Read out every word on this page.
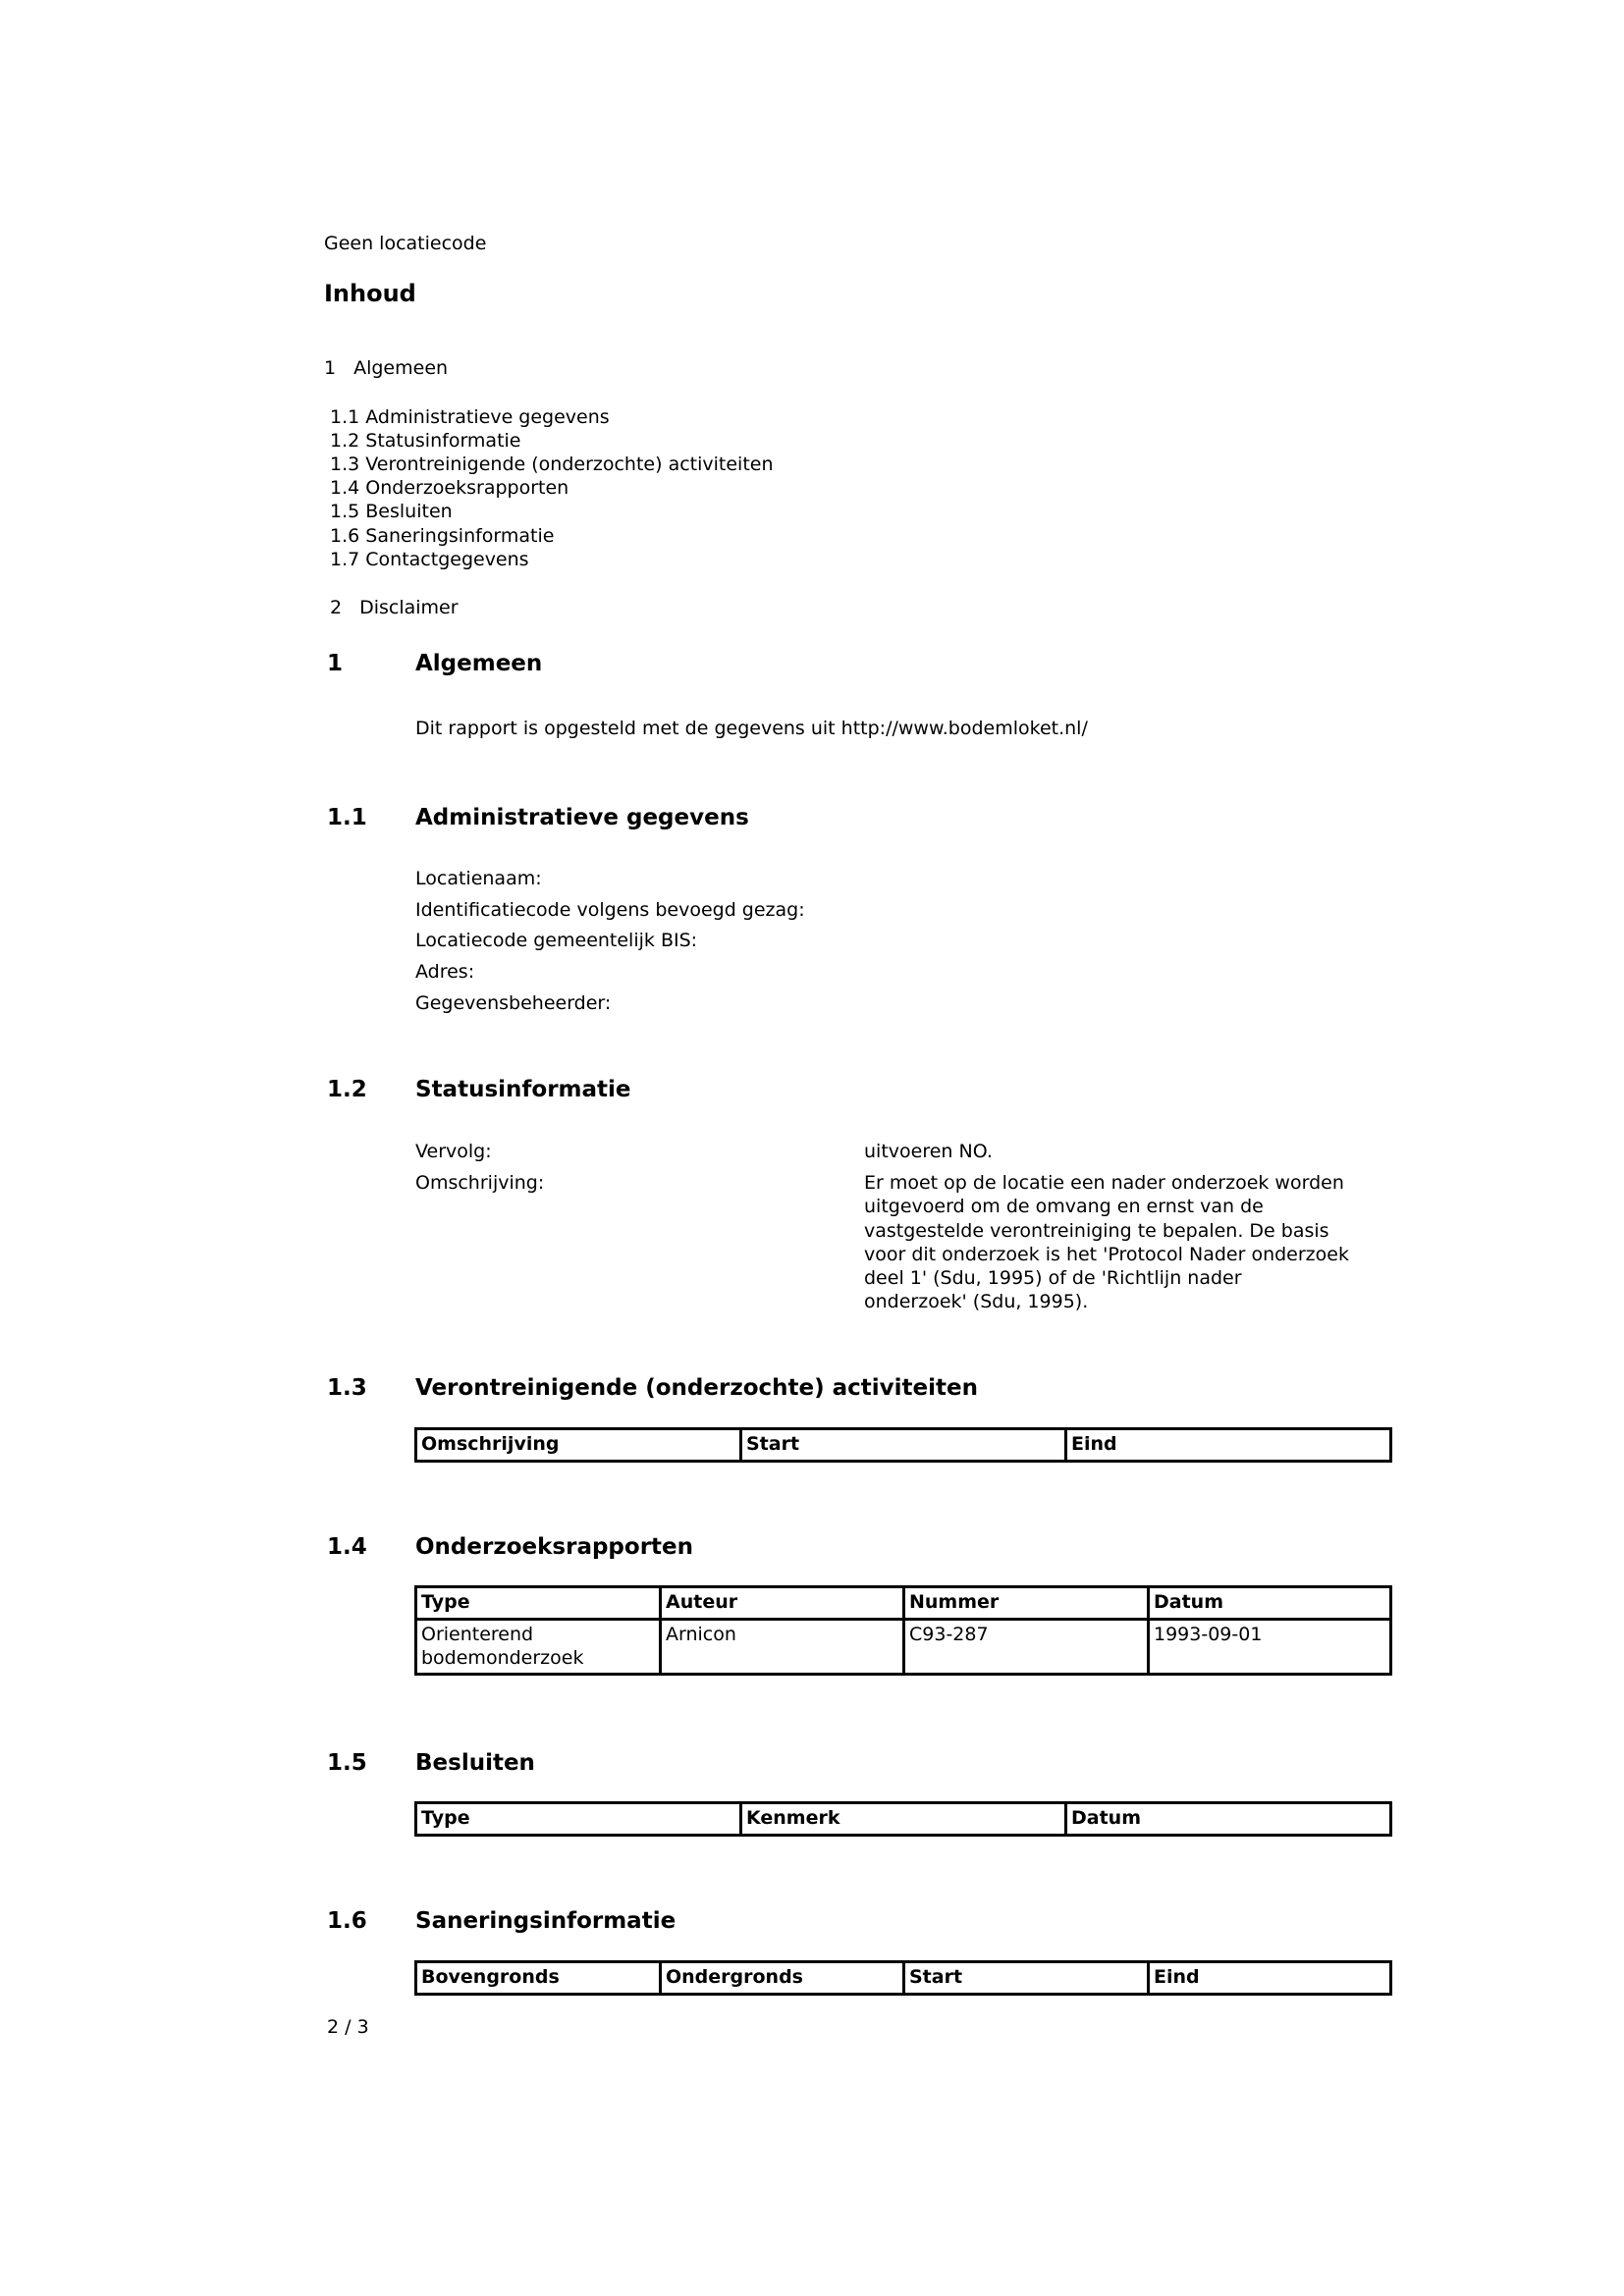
Geen locatiecode
Inhoud
1 Algemeen
1.1 Administratieve gegevens
1.2 Statusinformatie
1.3 Verontreinigende (onderzochte) activiteiten
1.4 Onderzoeksrapporten
1.5 Besluiten
1.6 Saneringsinformatie
1.7 Contactgegevens
2 Disclaimer
1	Algemeen
Dit rapport is opgesteld met de gegevens uit http://www.bodemloket.nl/
1.1 Administratieve gegevens
Locatienaam:
Identificatiecode volgens bevoegd gezag:
Locatiecode gemeentelijk BIS:
Adres:
Gegevensbeheerder:
1.2 Statusinformatie
Vervolg:	uitvoeren NO.
Omschrijving:	Er moet op de locatie een nader onderzoek worden
uitgevoerd om de omvang en ernst van de
vastgestelde verontreiniging te bepalen. De basis
voor dit onderzoek is het 'Protocol Nader onderzoek
deel 1' (Sdu, 1995) of de 'Richtlijn nader
onderzoek' (Sdu, 1995).
1.3 Verontreinigende (onderzochte) activiteiten
Omschrijving	Start	Eind
1.4 Onderzoeksrapporten
Type	Auteur	Nummer	Datum

Orienterend
bodemonderzoek	Arnicon	C93-287	1993-09-01
1.5 Besluiten
Type	Kenmerk	Datum
1.6 Saneringsinformatie
Bovengronds	Ondergronds	Start	Eind
2 / 3
